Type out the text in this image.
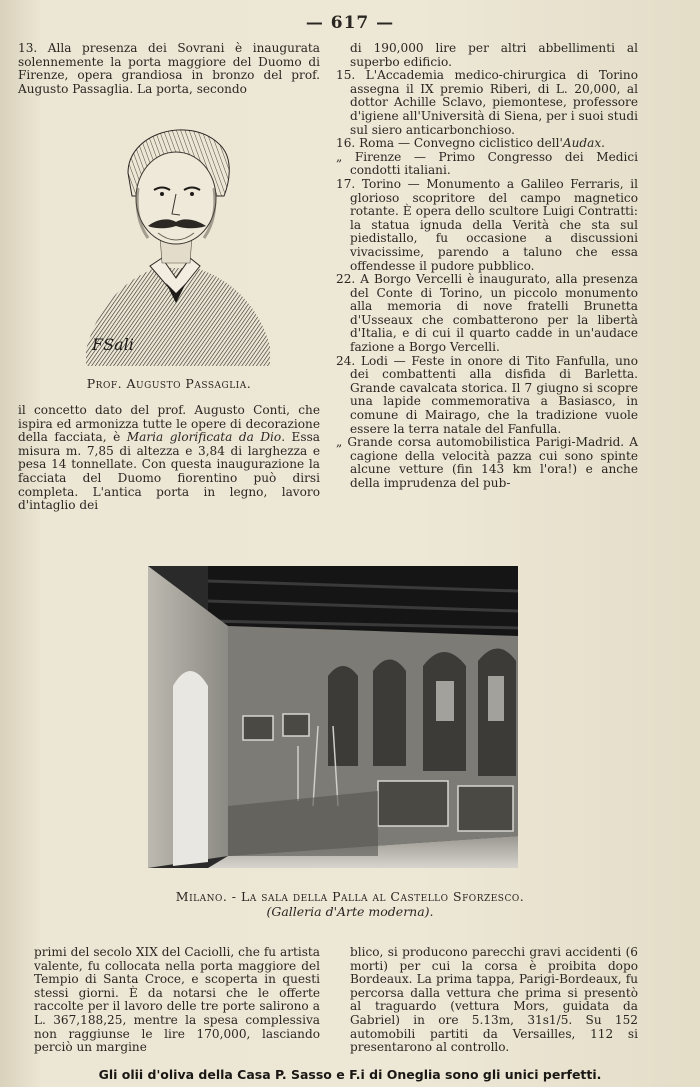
— 617 —

13. Alla presenza dei Sovrani è inaugurata solennemente la porta maggiore del Duomo di Firenze, opera grandiosa in bronzo del prof. Augusto Passaglia. La porta, secondo

FSali
Prof. Augusto Passaglia.

il concetto dato del prof. Augusto Conti, che ispira ed armonizza tutte le opere di decorazione della facciata, è Maria glorificata da Dio. Essa misura m. 7,85 di altezza e 3,84 di larghezza e pesa 14 tonnellate. Con questa inaugurazione la facciata del Duomo fiorentino può dirsi completa. L'antica porta in legno, lavoro d'intaglio dei

di 190,000 lire per altri abbellimenti al superbo edificio.

15. L'Accademia medico-chirurgica di Torino assegna il IX premio Riberi, di L. 20,000, al dottor Achille Sclavo, piemontese, professore d'igiene all'Università di Siena, per i suoi studi sul siero anticarbonchioso.

16. Roma — Convegno ciclistico dell'Audax.

„ Firenze — Primo Congresso dei Medici condotti italiani.

17. Torino — Monumento a Galileo Ferraris, il glorioso scopritore del campo magnetico rotante. È opera dello scultore Luigi Contratti: la statua ignuda della Verità che sta sul piedistallo, fu occasione a discussioni vivacissime, parendo a taluno che essa offendesse il pudore pubblico.

22. A Borgo Vercelli è inaugurato, alla presenza del Conte di Torino, un piccolo monumento alla memoria di nove fratelli Brunetta d'Usseaux che combatterono per la libertà d'Italia, e di cui il quarto cadde in un'audace fazione a Borgo Vercelli.

24. Lodi — Feste in onore di Tito Fanfulla, uno dei combattenti alla disfida di Barletta. Grande cavalcata storica. Il 7 giugno si scopre una lapide commemorativa a Basiasco, in comune di Mairago, che la tradizione vuole essere la terra natale del Fanfulla.

„ Grande corsa automobilistica Parigi-Madrid. A cagione della velocità pazza cui sono spinte alcune vetture (fin 143 km l'ora!) e anche della imprudenza del pub-

Milano. - La sala della Palla al Castello Sforzesco.
(Galleria d'Arte moderna).

primi del secolo XIX del Caciolli, che fu artista valente, fu collocata nella porta maggiore del Tempio di Santa Croce, e scoperta in questi stessi giorni. È da notarsi che le offerte raccolte per il lavoro delle tre porte salirono a L. 367,188,25, mentre la spesa complessiva non raggiunse le lire 170,000, lasciando perciò un margine

blico, si producono parecchi gravi accidenti (6 morti) per cui la corsa è proibita dopo Bordeaux. La prima tappa, Parigi-Bordeaux, fu percorsa dalla vettura che prima si presentò al traguardo (vettura Mors, guidata da Gabriel) in ore 5.13m, 31s1/5. Su 152 automobili partiti da Versailles, 112 si presentarono al controllo.

Gli olii d'oliva della Casa P. Sasso e F.i di Oneglia sono gli unici perfetti.
